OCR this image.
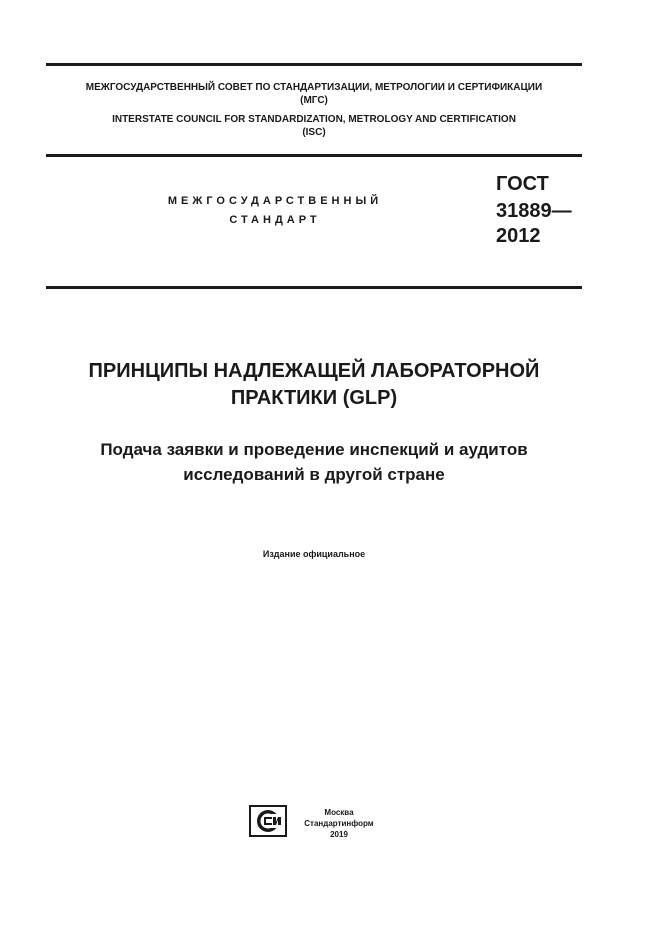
МЕЖГОСУДАРСТВЕННЫЙ СОВЕТ ПО СТАНДАРТИЗАЦИИ, МЕТРОЛОГИИ И СЕРТИФИКАЦИИ
(МГС)
INTERSTATE COUNCIL FOR STANDARDIZATION, METROLOGY AND CERTIFICATION
(ISC)
МЕЖГОСУДАРСТВЕННЫЙ
СТАНДАРТ
ГОСТ
31889—
2012
ПРИНЦИПЫ НАДЛЕЖАЩЕЙ ЛАБОРАТОРНОЙ
ПРАКТИКИ (GLP)
Подача заявки и проведение инспекций и аудитов
исследований в другой стране
Издание официальное
Москва
Стандартинформ
2019
